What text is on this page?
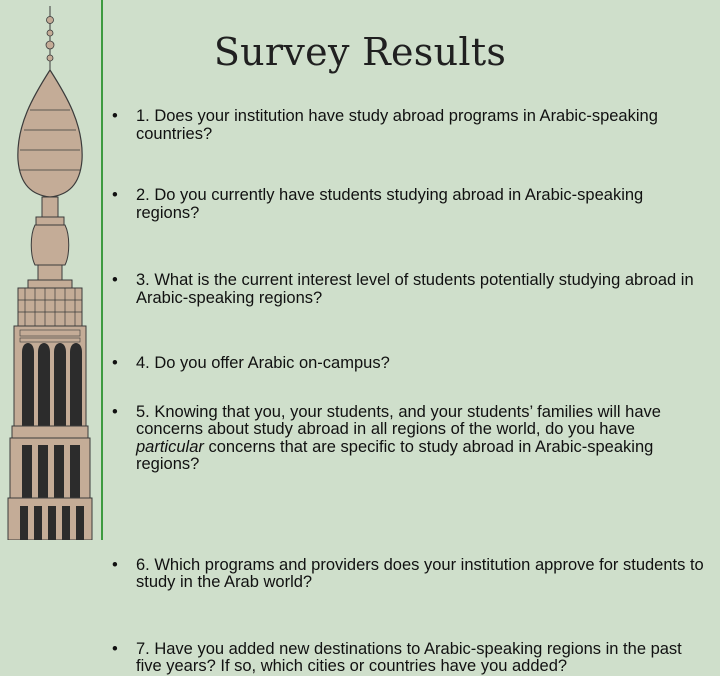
Survey Results
• 1. Does your institution have study abroad programs in Arabic-speaking countries?
• 2. Do you currently have students studying abroad in Arabic-speaking regions?
• 3. What is the current interest level of students potentially studying abroad in Arabic-speaking regions?
• 4. Do you offer Arabic on-campus?
• 5. Knowing that you, your students, and your students’ families will have concerns about study abroad in all regions of the world, do you have particular concerns that are specific to study abroad in Arabic-speaking regions?
• 6. Which programs and providers does your institution approve for students to study in the Arab world?
• 7. Have you added new destinations to Arabic-speaking regions in the past five years? If so, which cities or countries have you added?
